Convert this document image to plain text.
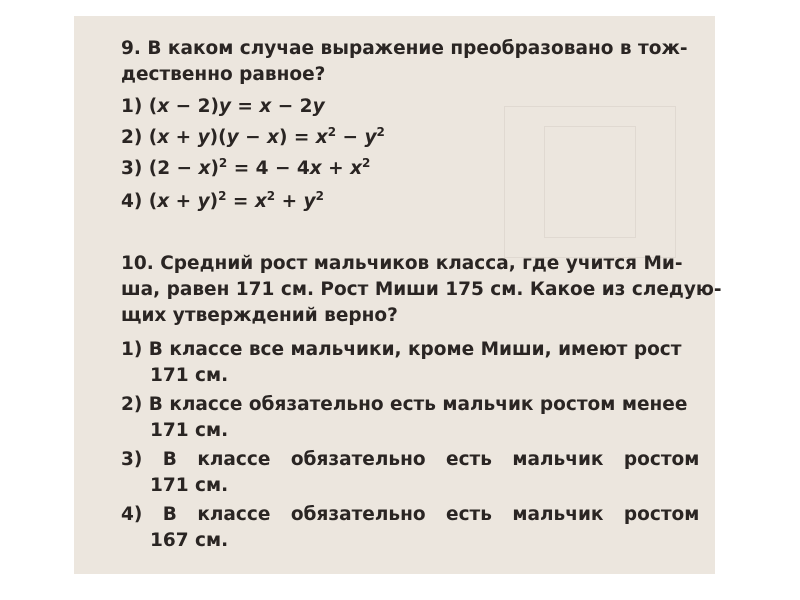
9. В каком случае выражение преобразовано в тож-
дественно равное?
1) (x − 2)y = x − 2y
2) $(x + y)(y - x) = x^2 - y^2$
3) $(2 - x)^2 = 4 - 4x + x^2$
4) $(x + y)^2 = x^2 + y^2$
10. Средний рост мальчиков класса, где учится Ми-
ша, равен 171 см. Рост Миши 175 см. Какое из следую-
щих утверждений верно?
1) В классе все мальчики, кроме Миши, имеют рост
171 см.
2) В классе обязательно есть мальчик ростом менее
171 см.
3) В классе обязательно есть мальчик ростом
171 см.
4) В классе обязательно есть мальчик ростом
167 см.
